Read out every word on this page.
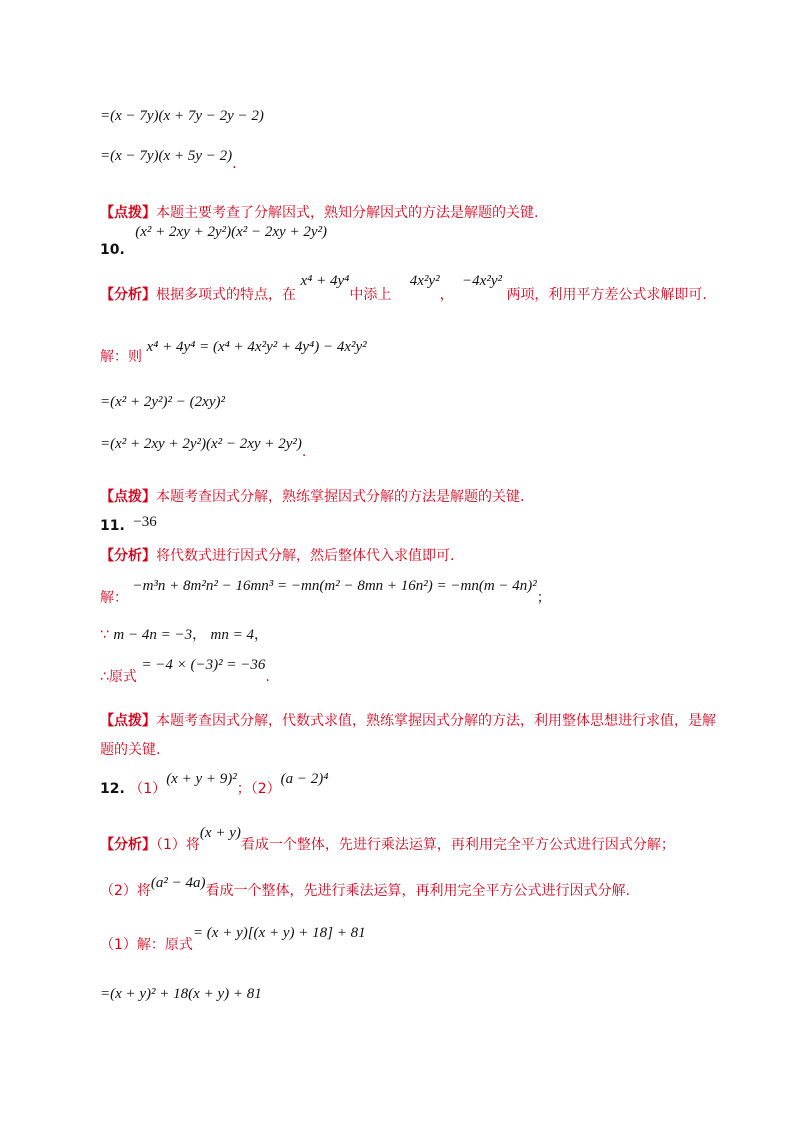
=(x − 7y)(x + 7y − 2y − 2)
=(x − 7y)(x + 5y − 2).
【点拨】本题主要考查了分解因式，熟知分解因式的方法是解题的关键.
10. (x² + 2xy + 2y²)(x² − 2xy + 2y²)
【分析】根据多项式的特点，在 x⁴ + 4y⁴中添上 4x²y²， −4x²y² 两项，利用平方差公式求解即可.
解：则 x⁴ + 4y⁴ = (x⁴ + 4x²y² + 4y⁴) − 4x²y²
=(x² + 2y²)² − (2xy)²
=(x² + 2xy + 2y²)(x² − 2xy + 2y²).
【点拨】本题考查因式分解，熟练掌握因式分解的方法是解题的关键.
11. −36
【分析】将代数式进行因式分解，然后整体代入求值即可.
解： −m³n + 8m²n² − 16mn³ = −mn(m² − 8mn + 16n²) = −mn(m − 4n)²；
∵ m − 4n = −3， mn = 4，
∴原式 = −4 × (−3)² = −36.
【点拨】本题考查因式分解，代数式求值，熟练掌握因式分解的方法，利用整体思想进行求值，是解
题的关键.
12. （1）(x + y + 9)²；（2）(a − 2)⁴
【分析】（1）将(x + y)看成一个整体，先进行乘法运算，再利用完全平方公式进行因式分解；
（2）将(a² − 4a)看成一个整体，先进行乘法运算，再利用完全平方公式进行因式分解.
（1）解：原式= (x + y)[(x + y) + 18] + 81
=(x + y)² + 18(x + y) + 81
